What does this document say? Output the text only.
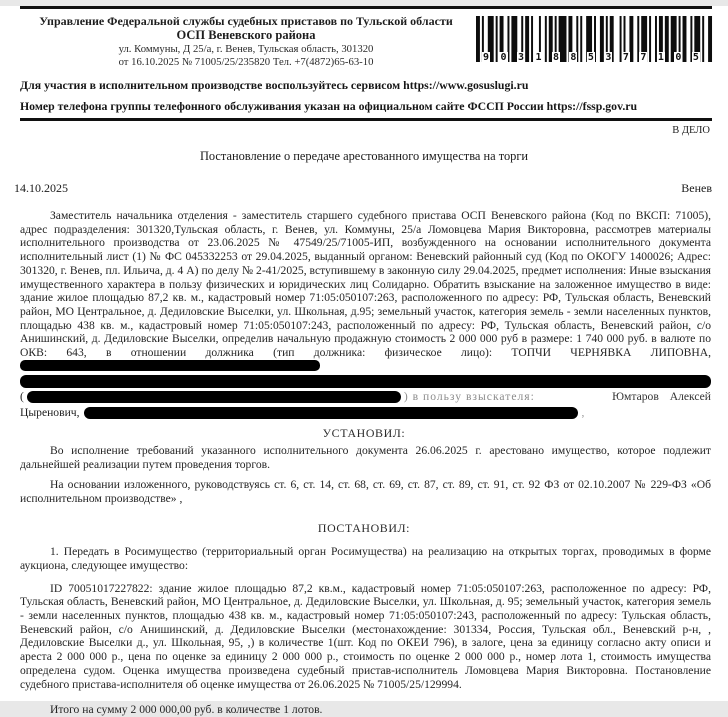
Управление Федеральной службы судебных приставов по Тульской области
ОСП Веневского района
ул. Коммуны, Д 25/а, г. Венев, Тульская область, 301320
от 16.10.2025 № 71005/25/235820 Тел. +7(4872)65-63-10	9 0 3 1 8 8 5 3 7 7 1 0 5
Для участия в исполнительном производстве воспользуйтесь сервисом https://www.gosuslugi.ru
Номер телефона группы телефонного обслуживания указан на официальном сайте ФССП России https://fssp.gov.ru
В ДЕЛО
Постановление о передаче арестованного имущества на торги
14.10.2025	Венев
Заместитель начальника отделения - заместитель старшего судебного пристава ОСП Веневского района (Код по ВКСП: 71005), адрес подразделения: 301320,Тульская область, г. Венев, ул. Коммуны, 25/а Ломовцева Мария Викторовна, рассмотрев материалы исполнительного производства от 23.06.2025 № 47549/25/71005-ИП, возбужденного на основании исполнительного документа исполнительный лист (1) № ФС 045332253 от 29.04.2025, выданный органом: Веневский районный суд (Код по ОКОГУ 1400026; Адрес: 301320, г. Венев, пл. Ильича, д. 4 А) по делу № 2-41/2025, вступившему в законную силу 29.04.2025, предмет исполнения: Иные взыскания имущественного характера в пользу физических и юридических лиц Солидарно. Обратить взыскание на заложенное имущество в виде: здание жилое площадью 87,2 кв. м., кадастровый номер 71:05:050107:263, расположенного по адресу: РФ, Тульская область, Веневский район, МО Центральное, д. Дедиловские Выселки, ул. Школьная, д.95; земельный участок, категория земель - земли населенных пунктов, площадью 438 кв. м., кадастровый номер 71:05:050107:243, расположенный по адресу: РФ, Тульская область, Веневский район, с/о Анишинский, д. Дедиловские Выселки, определив начальную продажную стоимость 2 000 000 руб в размере: 1 740 000 руб. в валюте по ОКВ: 643, в отношении должника (тип должника: физическое лицо): ТОПЧИ ЧЕРНЯВКА ЛИПОВНА,
(	) в пользу взыскателя:	Юмтаров Алексей
Цыренович,	,
УСТАНОВИЛ:
Во исполнение требований указанного исполнительного документа 26.06.2025 г. арестовано имущество, которое подлежит дальнейшей реализации путем проведения торгов.
На основании изложенного, руководствуясь ст. 6, ст. 14, ст. 68, ст. 69, ст. 87, ст. 89, ст. 91, ст. 92 ФЗ от 02.10.2007 № 229-ФЗ «Об исполнительном производстве» ,
ПОСТАНОВИЛ:
1. Передать в Росимущество (территориальный орган Росимущества) на реализацию на открытых торгах, проводимых в форме аукциона, следующее имущество:
ID 70051017227822: здание жилое площадью 87,2 кв.м., кадастровый номер 71:05:050107:263, расположенное по адресу: РФ, Тульская область, Веневский район, МО Центральное, д. Дедиловские Выселки, ул. Школьная, д. 95; земельный участок, категория земель - земли населенных пунктов, площадью 438 кв. м., кадастровый номер 71:05:050107:243, расположенный по адресу: Тульская область, Веневский район, с/о Анишинский, д. Дедиловские Выселки (местонахождение: 301334, Россия, Тульская обл., Веневский р-н, , Дедиловские Выселки д., ул. Школьная, 95, ,) в количестве 1(шт. Код по ОКЕИ 796), в залоге, цена за единицу согласно акту описи и ареста 2 000 000 р., цена по оценке за единицу 2 000 000 р., стоимость по оценке 2 000 000 р., номер лота 1, стоимость имущества определена судом. Оценка имущества произведена судебный пристав-исполнитель Ломовцева Мария Викторовна. Постановление судебного пристава-исполнителя об оценке имущества от 26.06.2025 № 71005/25/129994.
Итого на сумму 2 000 000,00 руб. в количестве 1 лотов.
